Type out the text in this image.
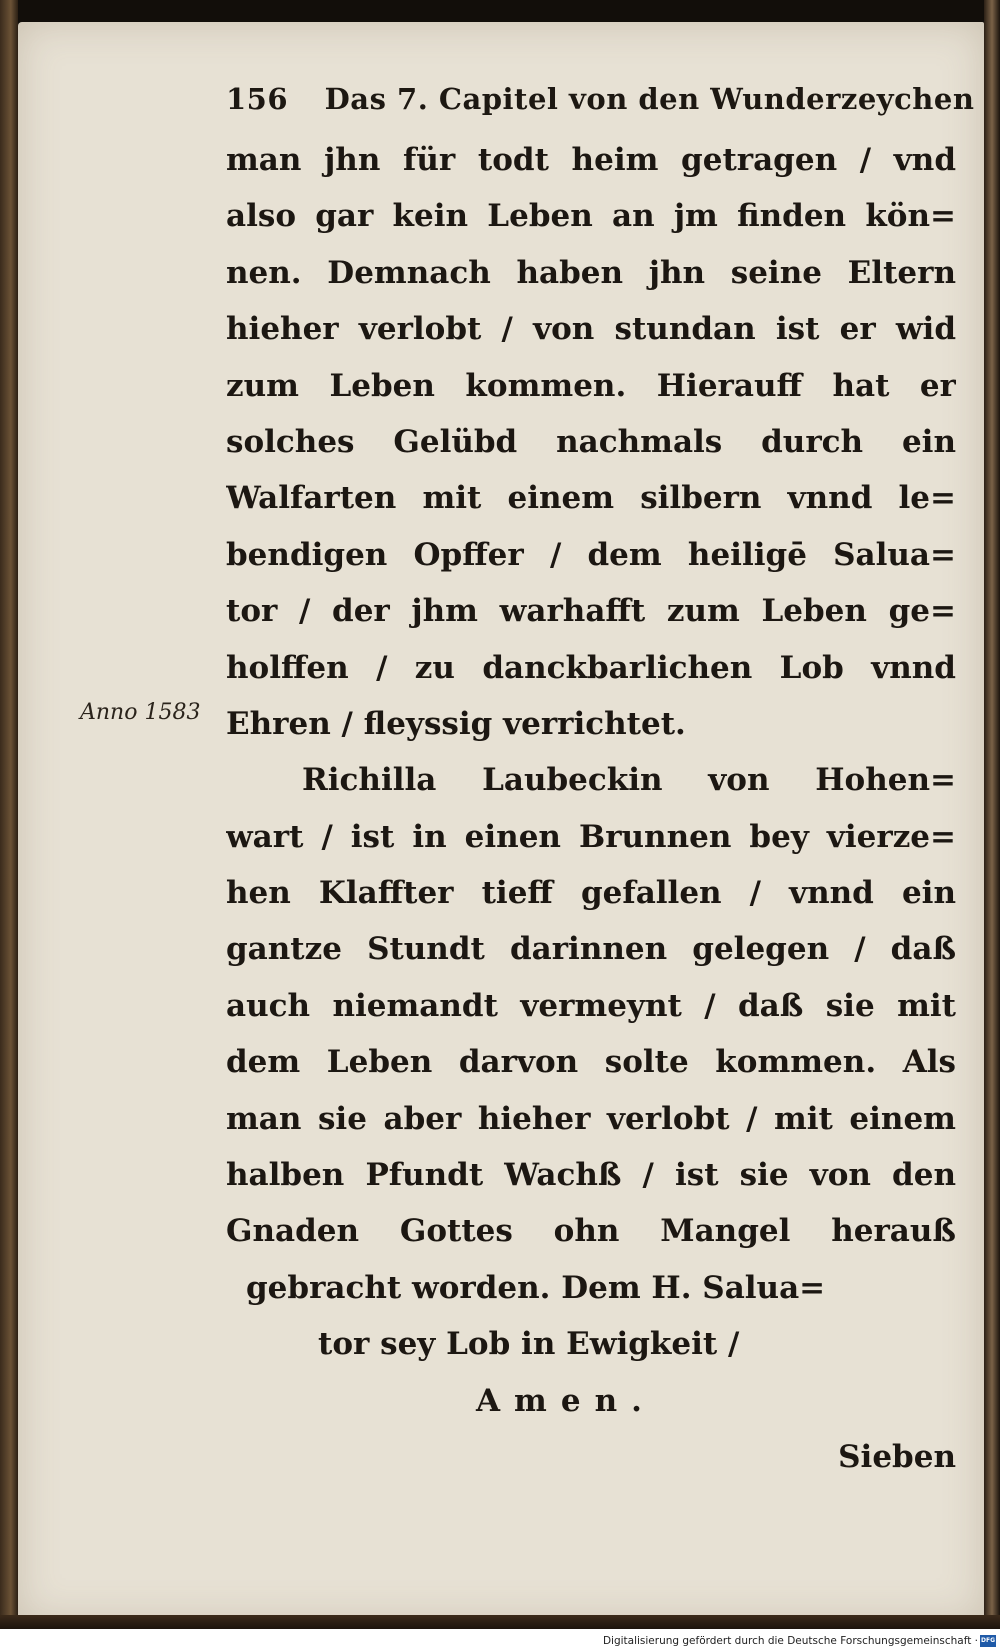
156 Das 7. Capitel von den Wunderzeychen
Anno 1583
man jhn für todt heim getragen / vnd
also gar kein Leben an jm finden kön=
nen. Demnach haben jhn seine Eltern
hieher verlobt / von stundan ist er wid
zum Leben kommen. Hierauff hat er
solches Gelübd nachmals durch ein
Walfarten mit einem silbern vnnd le=
bendigen Opffer / dem heiligē Salua=
tor / der jhm warhafft zum Leben ge=
holffen / zu danckbarlichen Lob vnnd
Ehren / fleyssig verrichtet.
Richilla Laubeckin von Hohen=
wart / ist in einen Brunnen bey vierze=
hen Klaffter tieff gefallen / vnnd ein
gantze Stundt darinnen gelegen / daß
auch niemandt vermeynt / daß sie mit
dem Leben darvon solte kommen. Als
man sie aber hieher verlobt / mit einem
halben Pfundt Wachß / ist sie von den
Gnaden Gottes ohn Mangel herauß
gebracht worden. Dem H. Salua=
tor sey Lob in Ewigkeit /
Amen.
Sieben
Digitalisierung gefördert durch die Deutsche Forschungsgemeinschaft · DFG
